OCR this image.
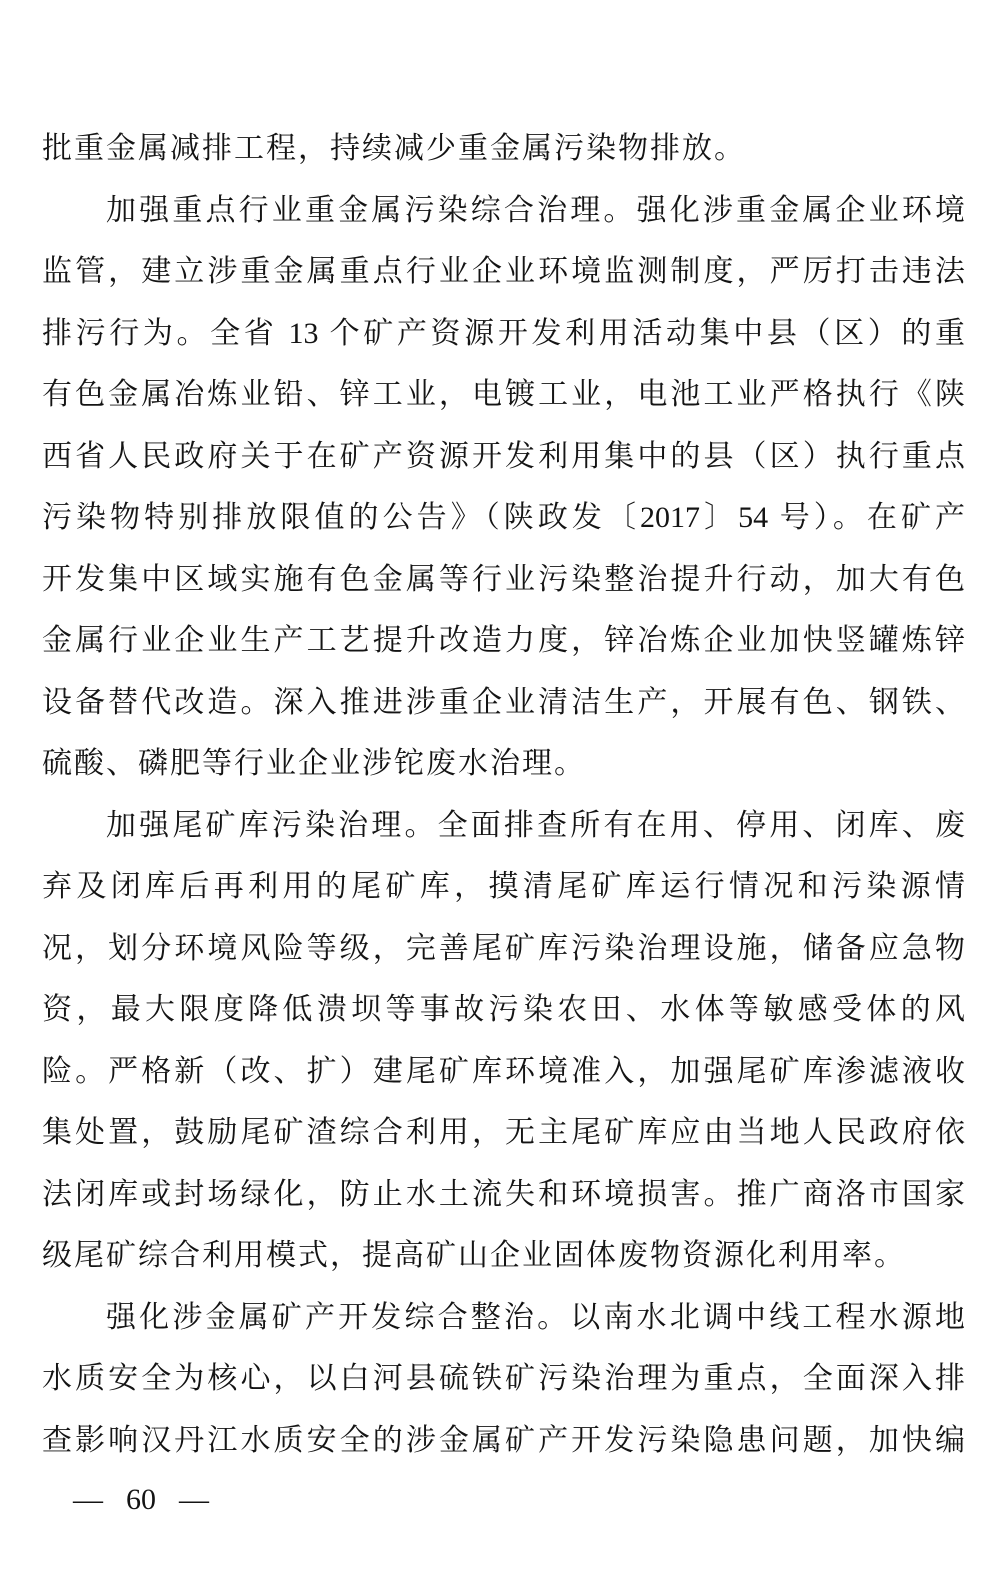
批重金属减排工程，持续减少重金属污染物排放。
加强重点行业重金属污染综合治理。强化涉重金属企业环境
监管，建立涉重金属重点行业企业环境监测制度，严厉打击违法
排污行为。全省 13 个矿产资源开发利用活动集中县（区）的重
有色金属冶炼业铅、锌工业，电镀工业，电池工业严格执行《陕
西省人民政府关于在矿产资源开发利用集中的县（区）执行重点
污染物特别排放限值的公告》（陕政发〔2017〕54 号）。在矿产
开发集中区域实施有色金属等行业污染整治提升行动，加大有色
金属行业企业生产工艺提升改造力度，锌冶炼企业加快竖罐炼锌
设备替代改造。深入推进涉重企业清洁生产，开展有色、钢铁、
硫酸、磷肥等行业企业涉铊废水治理。
加强尾矿库污染治理。全面排查所有在用、停用、闭库、废
弃及闭库后再利用的尾矿库，摸清尾矿库运行情况和污染源情
况，划分环境风险等级，完善尾矿库污染治理设施，储备应急物
资，最大限度降低溃坝等事故污染农田、水体等敏感受体的风
险。严格新（改、扩）建尾矿库环境准入，加强尾矿库渗滤液收
集处置，鼓励尾矿渣综合利用，无主尾矿库应由当地人民政府依
法闭库或封场绿化，防止水土流失和环境损害。推广商洛市国家
级尾矿综合利用模式，提高矿山企业固体废物资源化利用率。
强化涉金属矿产开发综合整治。以南水北调中线工程水源地
水质安全为核心，以白河县硫铁矿污染治理为重点，全面深入排
查影响汉丹江水质安全的涉金属矿产开发污染隐患问题，加快编
— 60 —
